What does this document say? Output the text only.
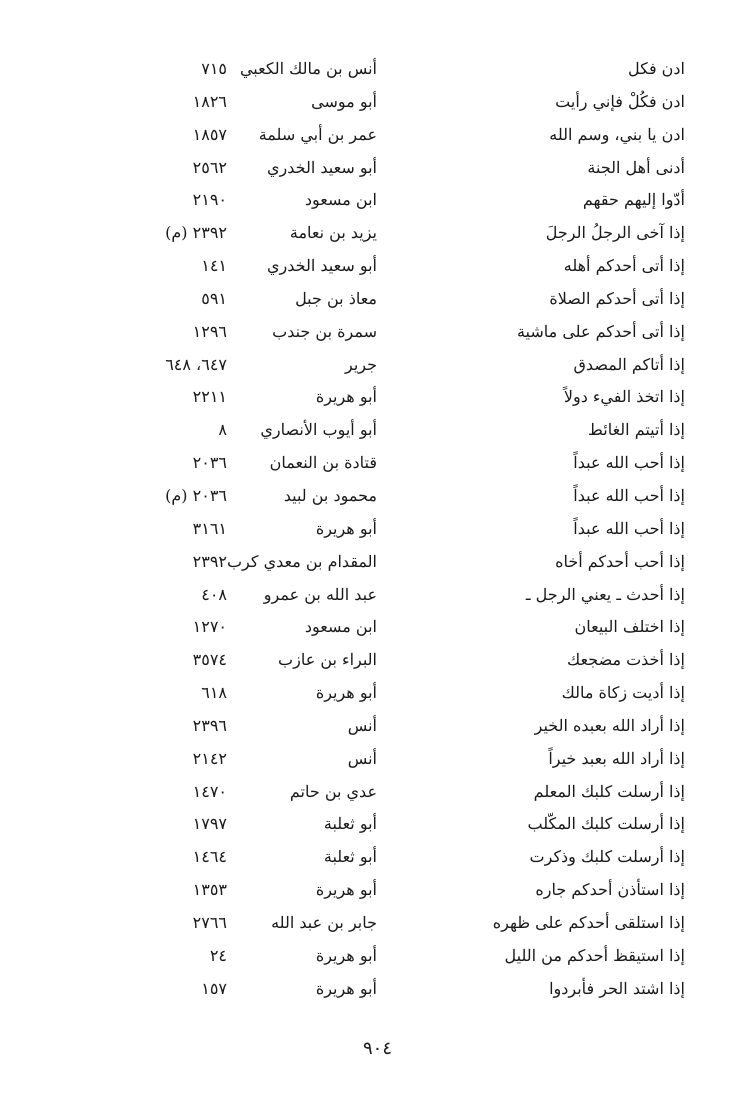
ادن فكل
أنس بن مالك الكعبي
٧١٥
ادن فكُلْ فإني رأيت
أبو موسى
١٨٢٦
ادن يا بني، وسم الله
عمر بن أبي سلمة
١٨٥٧
أدنى أهل الجنة
أبو سعيد الخدري
٢٥٦٢
أدّوا إليهم حقهم
ابن مسعود
٢١٩٠
إذا آخى الرجلُ الرجلَ
يزيد بن نعامة
٢٣٩٢ (م)
إذا أتى أحدكم أهله
أبو سعيد الخدري
١٤١
إذا أتى أحدكم الصلاة
معاذ بن جبل
٥٩١
إذا أتى أحدكم على ماشية
سمرة بن جندب
١٢٩٦
إذا أتاكم المصدق
جرير
٦٤٧، ٦٤٨
إذا اتخذ الفيء دولاً
أبو هريرة
٢٢١١
إذا أتيتم الغائط
أبو أيوب الأنصاري
٨
إذا أحب الله عبداً
قتادة بن النعمان
٢٠٣٦
إذا أحب الله عبداً
محمود بن لبيد
٢٠٣٦ (م)
إذا أحب الله عبداً
أبو هريرة
٣١٦١
إذا أحب أحدكم أخاه
المقدام بن معدي كرب
٢٣٩٢
إذا أحدث ـ يعني الرجل ـ
عبد الله بن عمرو
٤٠٨
إذا اختلف البيعان
ابن مسعود
١٢٧٠
إذا أخذت مضجعك
البراء بن عازب
٣٥٧٤
إذا أديت زكاة مالك
أبو هريرة
٦١٨
إذا أراد الله بعبده الخير
أنس
٢٣٩٦
إذا أراد الله بعبد خيراً
أنس
٢١٤٢
إذا أرسلت كلبك المعلم
عدي بن حاتم
١٤٧٠
إذا أرسلت كلبك المكّلب
أبو ثعلبة
١٧٩٧
إذا أرسلت كلبك وذكرت
أبو ثعلبة
١٤٦٤
إذا استأذن أحدكم جاره
أبو هريرة
١٣٥٣
إذا استلقى أحدكم على ظهره
جابر بن عبد الله
٢٧٦٦
إذا استيقظ أحدكم من الليل
أبو هريرة
٢٤
إذا اشتد الحر فأبردوا
أبو هريرة
١٥٧
٩٠٤
